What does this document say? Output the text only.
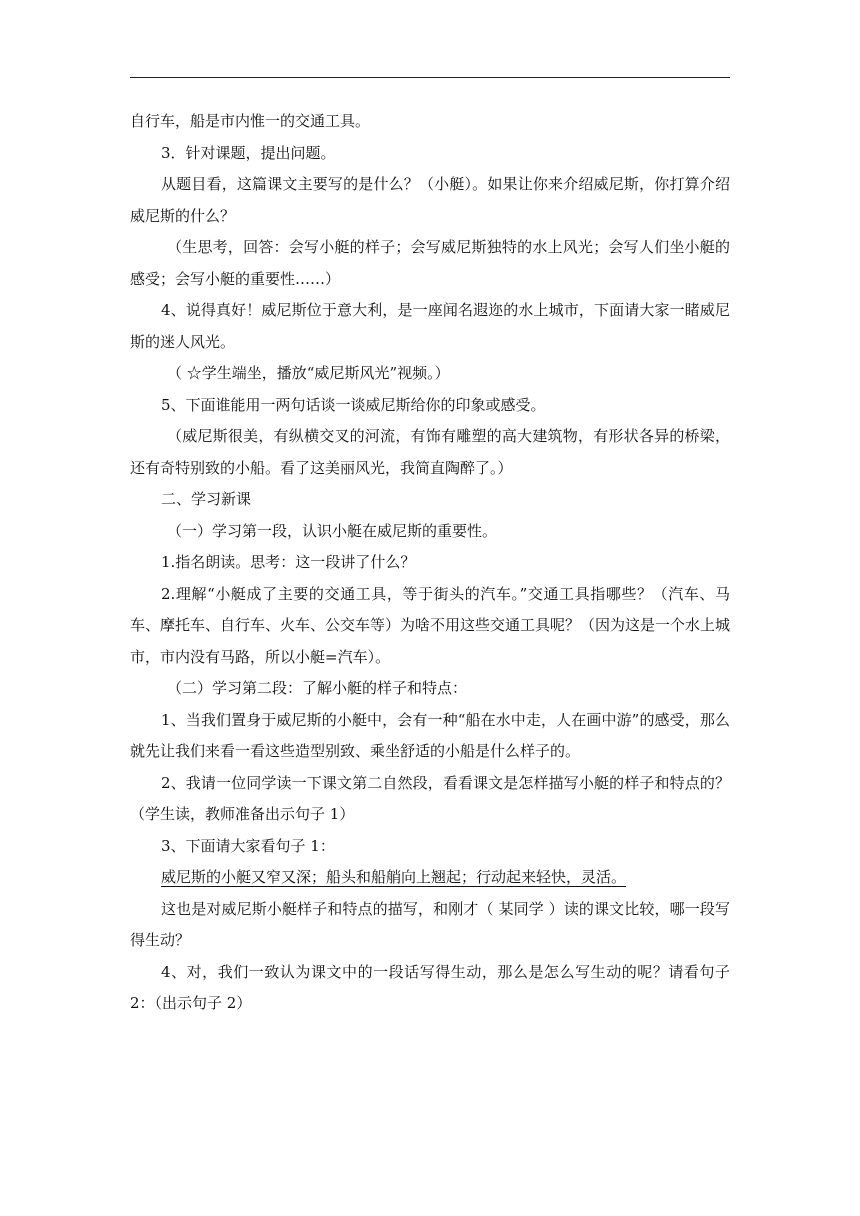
自行车，船是市内惟一的交通工具。

3．针对课题，提出问题。

从题目看，这篇课文主要写的是什么？（小艇）。如果让你来介绍威尼斯，你打算介绍威尼斯的什么？

（生思考，回答：会写小艇的样子；会写威尼斯独特的水上风光；会写人们坐小艇的感受；会写小艇的重要性……）

4、说得真好！威尼斯位于意大利，是一座闻名遐迩的水上城市，下面请大家一睹威尼斯的迷人风光。

（ ☆学生端坐，播放“威尼斯风光”视频。）

5、下面谁能用一两句话谈一谈威尼斯给你的印象或感受。

（威尼斯很美，有纵横交叉的河流，有饰有雕塑的高大建筑物，有形状各异的桥梁，还有奇特别致的小船。看了这美丽风光，我简直陶醉了。）

二、学习新课

（一）学习第一段，认识小艇在威尼斯的重要性。

1.指名朗读。思考：这一段讲了什么？

2.理解“小艇成了主要的交通工具，等于街头的汽车。”交通工具指哪些？（汽车、马车、摩托车、自行车、火车、公交车等）为啥不用这些交通工具呢？（因为这是一个水上城市，市内没有马路，所以小艇=汽车）。

（二）学习第二段：了解小艇的样子和特点：

1、当我们置身于威尼斯的小艇中，会有一种“船在水中走，人在画中游”的感受，那么就先让我们来看一看这些造型别致、乘坐舒适的小船是什么样子的。

2、我请一位同学读一下课文第二自然段，看看课文是怎样描写小艇的样子和特点的？（学生读，教师准备出示句子 1）

3、下面请大家看句子 1：

威尼斯的小艇又窄又深；船头和船艄向上翘起；行动起来轻快，灵活。

这也是对威尼斯小艇样子和特点的描写，和刚才（ 某同学 ）读的课文比较，哪一段写得生动？

4、对，我们一致认为课文中的一段话写得生动，那么是怎么写生动的呢？请看句子 2：（出示句子 2）
